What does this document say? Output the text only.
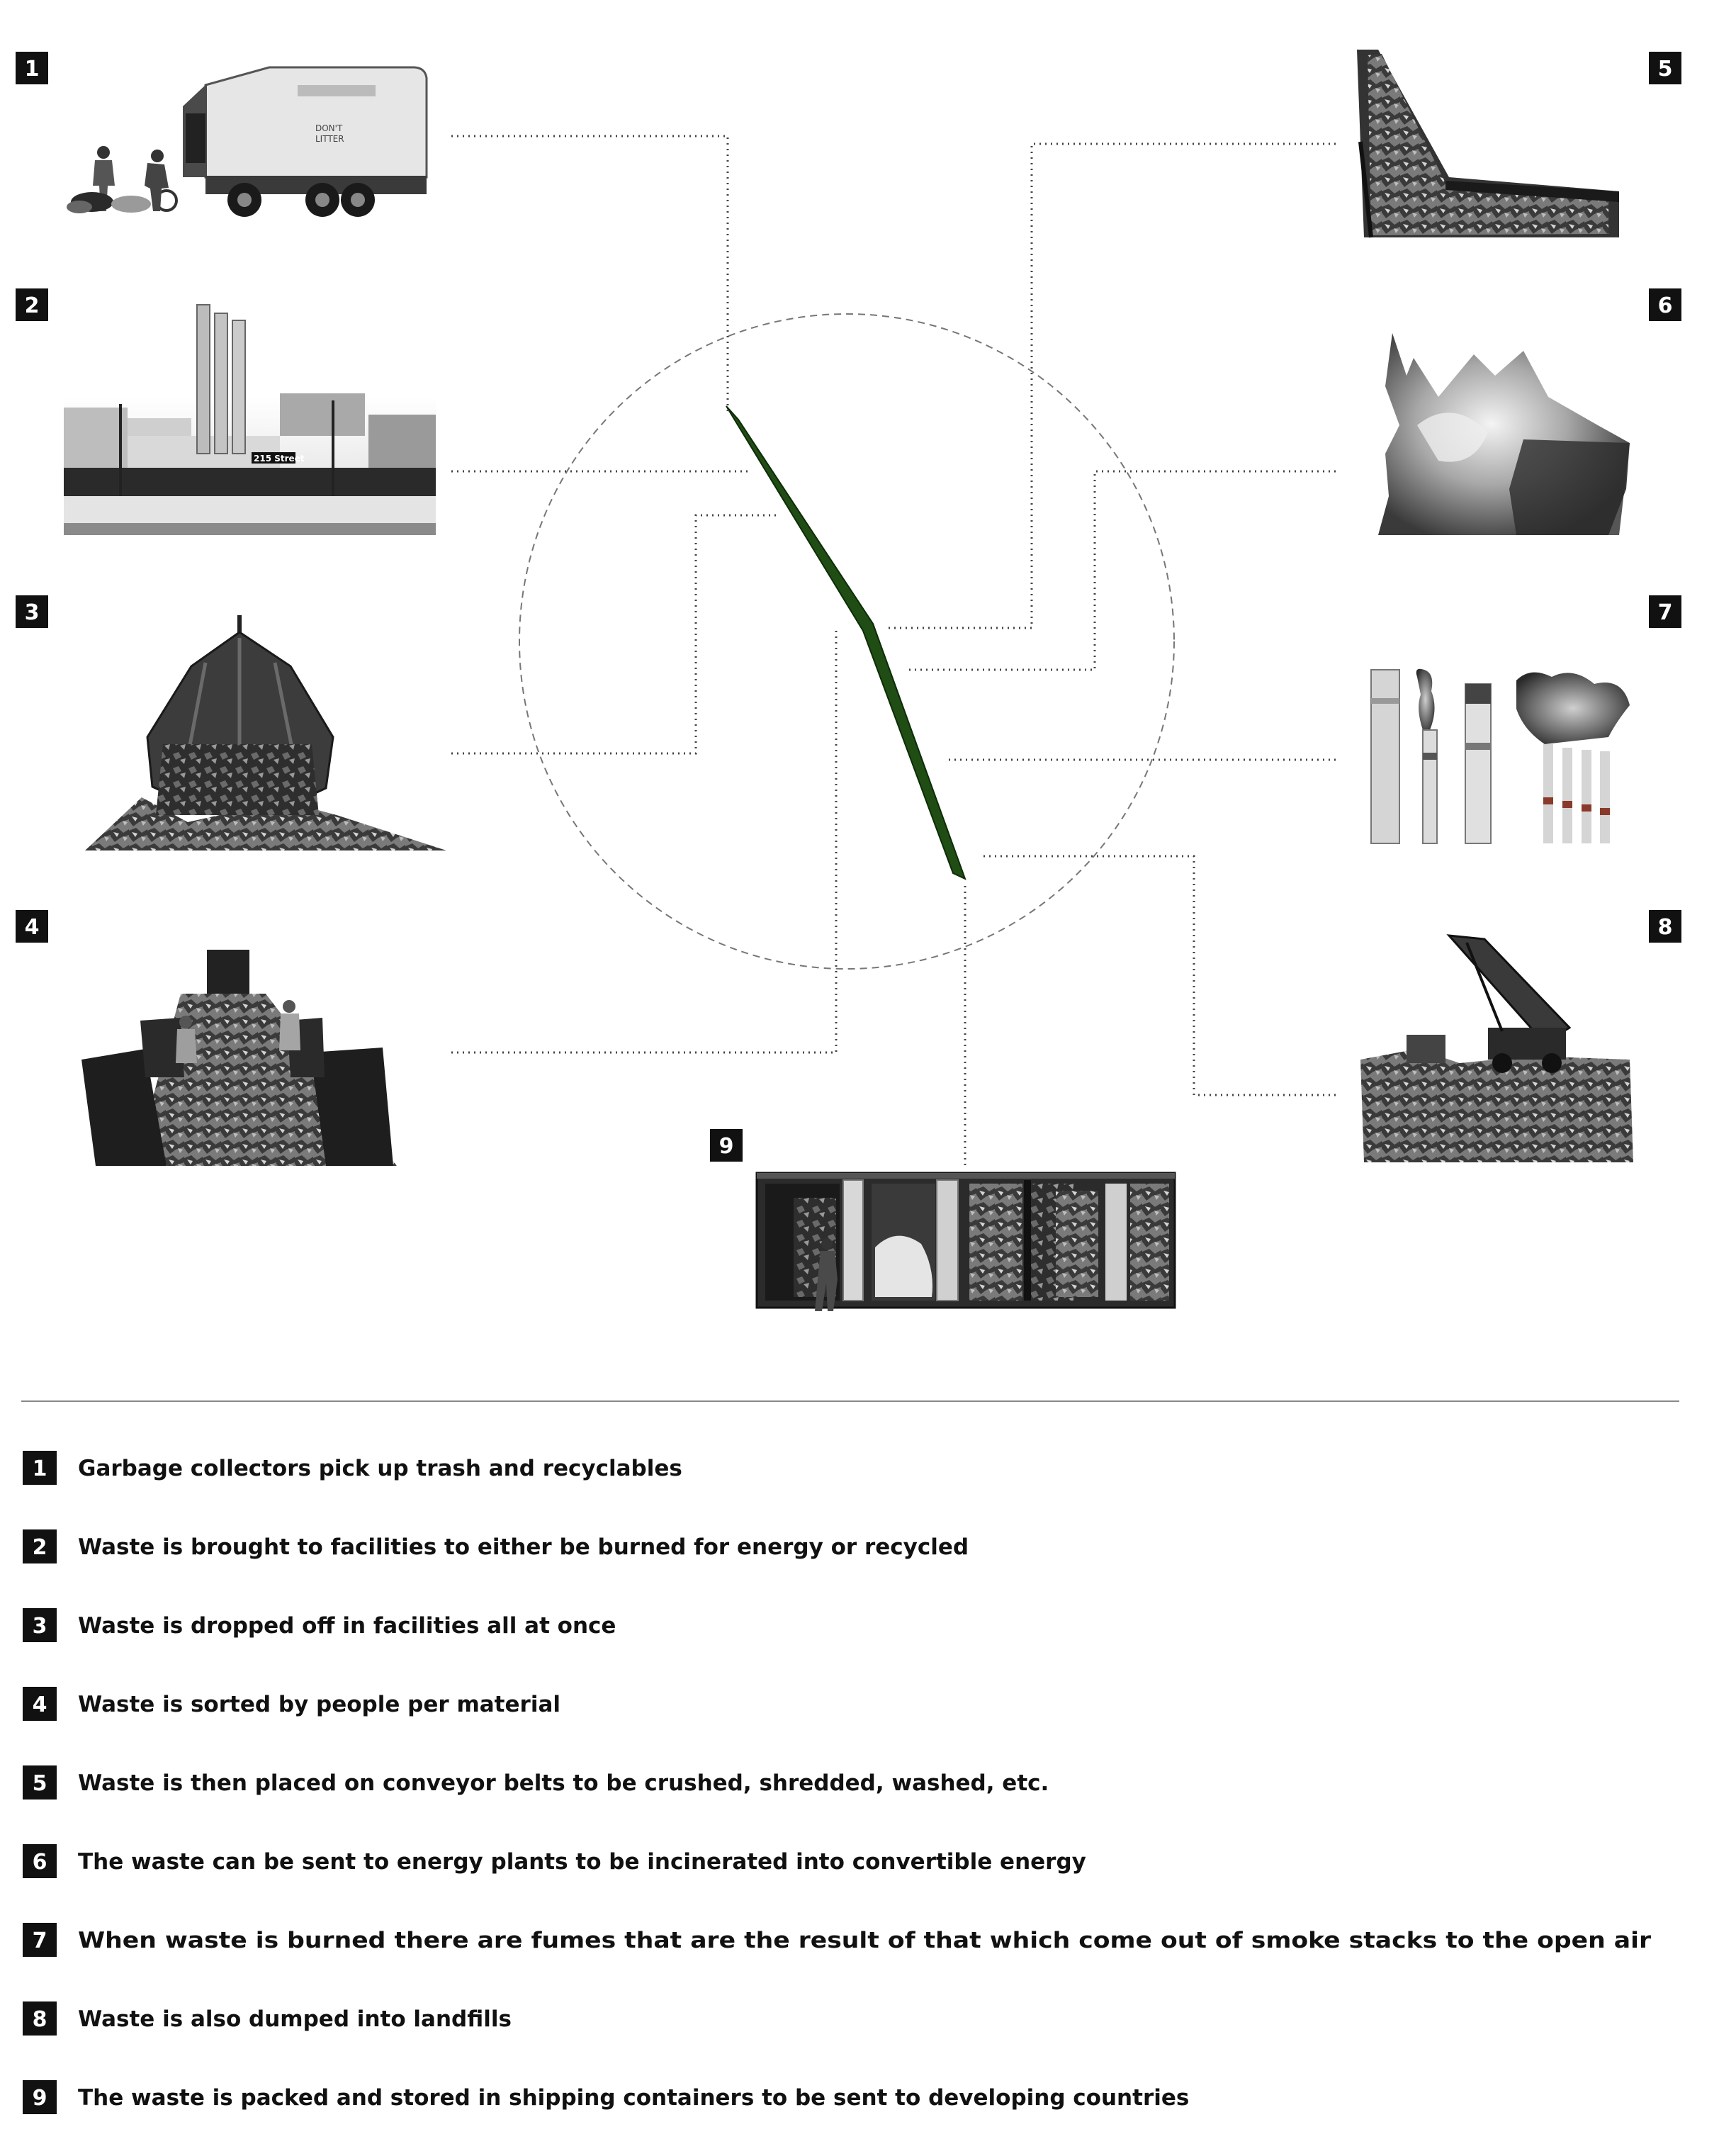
1
2
3
4
5
6
7
8
9
DON'T
LITTER
215 Street
1 Garbage collectors pick up trash and recyclables
2 Waste is brought to facilities to either be burned for energy or recycled
3 Waste is dropped off in facilities all at once
4 Waste is sorted by people per material
5 Waste is then placed on conveyor belts to be crushed, shredded, washed, etc.
6 The waste can be sent to energy plants to be incinerated into convertible energy
7 When waste is burned there are fumes that are the result of that which come out of smoke stacks to the open air
8 Waste is also dumped into landfills
9 The waste is packed and stored in shipping containers to be sent to developing countries
